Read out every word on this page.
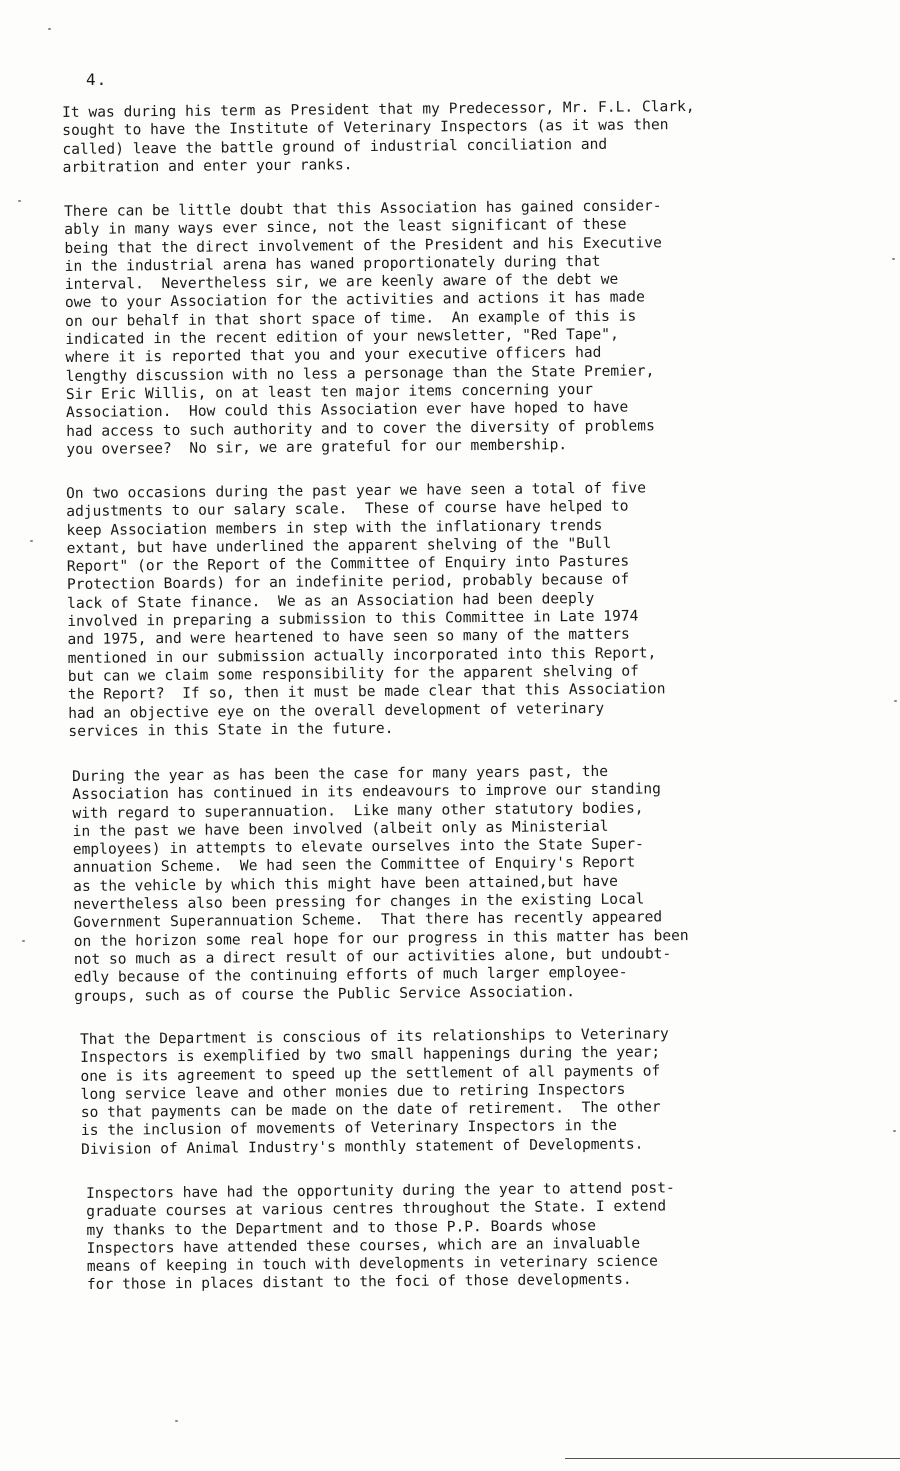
4.

It was during his term as President that my Predecessor, Mr. F.L. Clark,
sought to have the Institute of Veterinary Inspectors (as it was then
called) leave the battle ground of industrial conciliation and
arbitration and enter your ranks.

There can be little doubt that this Association has gained consider-
ably in many ways ever since, not the least significant of these
being that the direct involvement of the President and his Executive
in the industrial arena has waned proportionately during that
interval.  Nevertheless sir, we are keenly aware of the debt we
owe to your Association for the activities and actions it has made
on our behalf in that short space of time.  An example of this is
indicated in the recent edition of your newsletter, "Red Tape",
where it is reported that you and your executive officers had
lengthy discussion with no less a personage than the State Premier,
Sir Eric Willis, on at least ten major items concerning your
Association.  How could this Association ever have hoped to have
had access to such authority and to cover the diversity of problems
you oversee?  No sir, we are grateful for our membership.

On two occasions during the past year we have seen a total of five
adjustments to our salary scale.  These of course have helped to
keep Association members in step with the inflationary trends
extant, but have underlined the apparent shelving of the "Bull
Report" (or the Report of the Committee of Enquiry into Pastures
Protection Boards) for an indefinite period, probably because of
lack of State finance.  We as an Association had been deeply
involved in preparing a submission to this Committee in Late 1974
and 1975, and were heartened to have seen so many of the matters
mentioned in our submission actually incorporated into this Report,
but can we claim some responsibility for the apparent shelving of
the Report?  If so, then it must be made clear that this Association
had an objective eye on the overall development of veterinary
services in this State in the future.

During the year as has been the case for many years past, the
Association has continued in its endeavours to improve our standing
with regard to superannuation.  Like many other statutory bodies,
in the past we have been involved (albeit only as Ministerial
employees) in attempts to elevate ourselves into the State Super-
annuation Scheme.  We had seen the Committee of Enquiry's Report
as the vehicle by which this might have been attained,but have
nevertheless also been pressing for changes in the existing Local
Government Superannuation Scheme.  That there has recently appeared
on the horizon some real hope for our progress in this matter has been
not so much as a direct result of our activities alone, but undoubt-
edly because of the continuing efforts of much larger employee-
groups, such as of course the Public Service Association.

That the Department is conscious of its relationships to Veterinary
Inspectors is exemplified by two small happenings during the year;
one is its agreement to speed up the settlement of all payments of
long service leave and other monies due to retiring Inspectors
so that payments can be made on the date of retirement.  The other
is the inclusion of movements of Veterinary Inspectors in the
Division of Animal Industry's monthly statement of Developments.

Inspectors have had the opportunity during the year to attend post-
graduate courses at various centres throughout the State. I extend
my thanks to the Department and to those P.P. Boards whose
Inspectors have attended these courses, which are an invaluable
means of keeping in touch with developments in veterinary science
for those in places distant to the foci of those developments.
